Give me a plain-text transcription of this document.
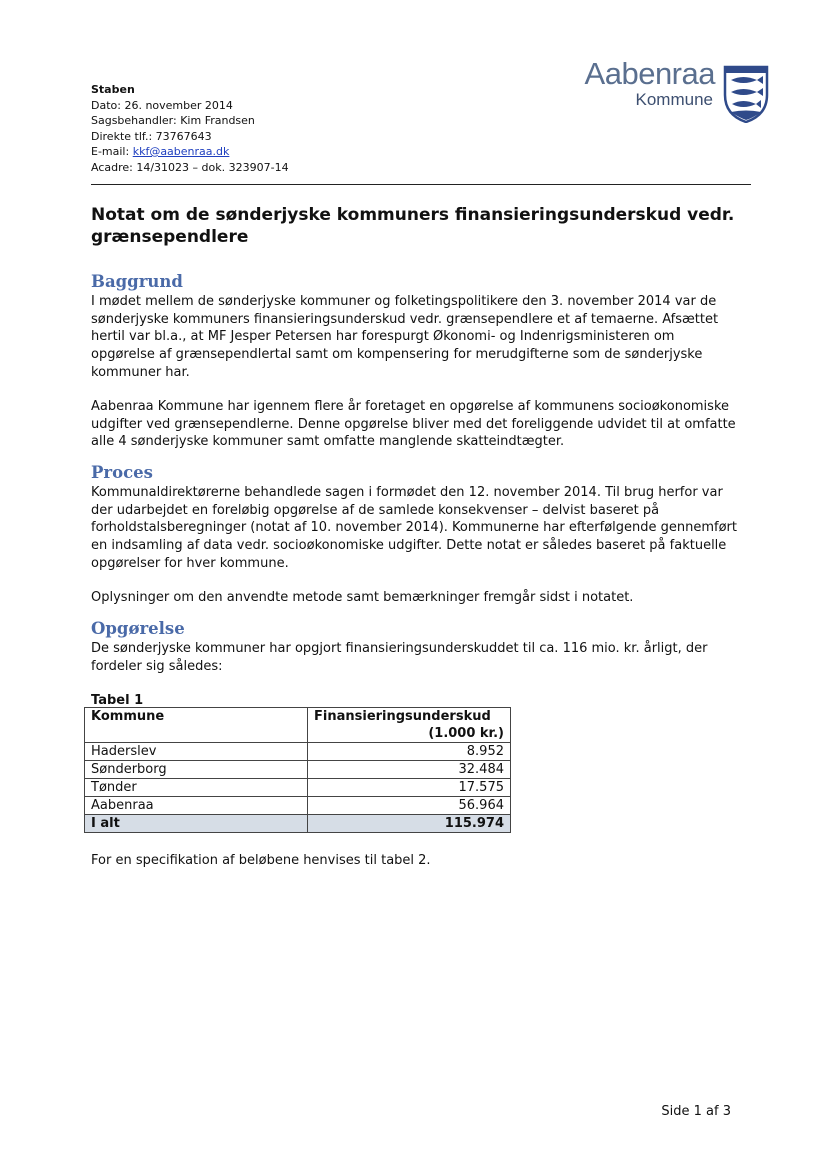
Staben
Dato: 26. november 2014
Sagsbehandler: Kim Frandsen
Direkte tlf.: 73767643
E-mail: kkf@aabenraa.dk
Acadre: 14/31023 – dok. 323907-14
Aabenraa
Kommune
Notat om de sønderjyske kommuners finansieringsunderskud vedr. grænsependlere
Baggrund
I mødet mellem de sønderjyske kommuner og folketingspolitikere den 3. november 2014 var de sønderjyske kommuners finansieringsunderskud vedr. grænsependlere et af temaerne. Afsættet hertil var bl.a., at MF Jesper Petersen har forespurgt Økonomi- og Indenrigsministeren om opgørelse af grænsependlertal samt om kompensering for merudgifterne som de sønderjyske kommuner har.
Aabenraa Kommune har igennem flere år foretaget en opgørelse af kommunens socioøkonomiske udgifter ved grænsependlerne. Denne opgørelse bliver med det foreliggende udvidet til at omfatte alle 4 sønderjyske kommuner samt omfatte manglende skatteindtægter.
Proces
Kommunaldirektørerne behandlede sagen i formødet den 12. november 2014. Til brug herfor var der udarbejdet en foreløbig opgørelse af de samlede konsekvenser – delvist baseret på forholdstalsberegninger (notat af 10. november 2014). Kommunerne har efterfølgende gennemført en indsamling af data vedr. socioøkonomiske udgifter. Dette notat er således baseret på faktuelle opgørelser for hver kommune.
Oplysninger om den anvendte metode samt bemærkninger fremgår sidst i notatet.
Opgørelse
De sønderjyske kommuner har opgjort finansieringsunderskuddet til ca. 116 mio. kr. årligt, der fordeler sig således:
Tabel 1
Kommune	Finansieringsunderskud
(1.000 kr.)

Haderslev	8.952
Sønderborg	32.484
Tønder	17.575
Aabenraa	56.964
I alt	115.974
For en specifikation af beløbene henvises til tabel 2.
Side 1 af 3
